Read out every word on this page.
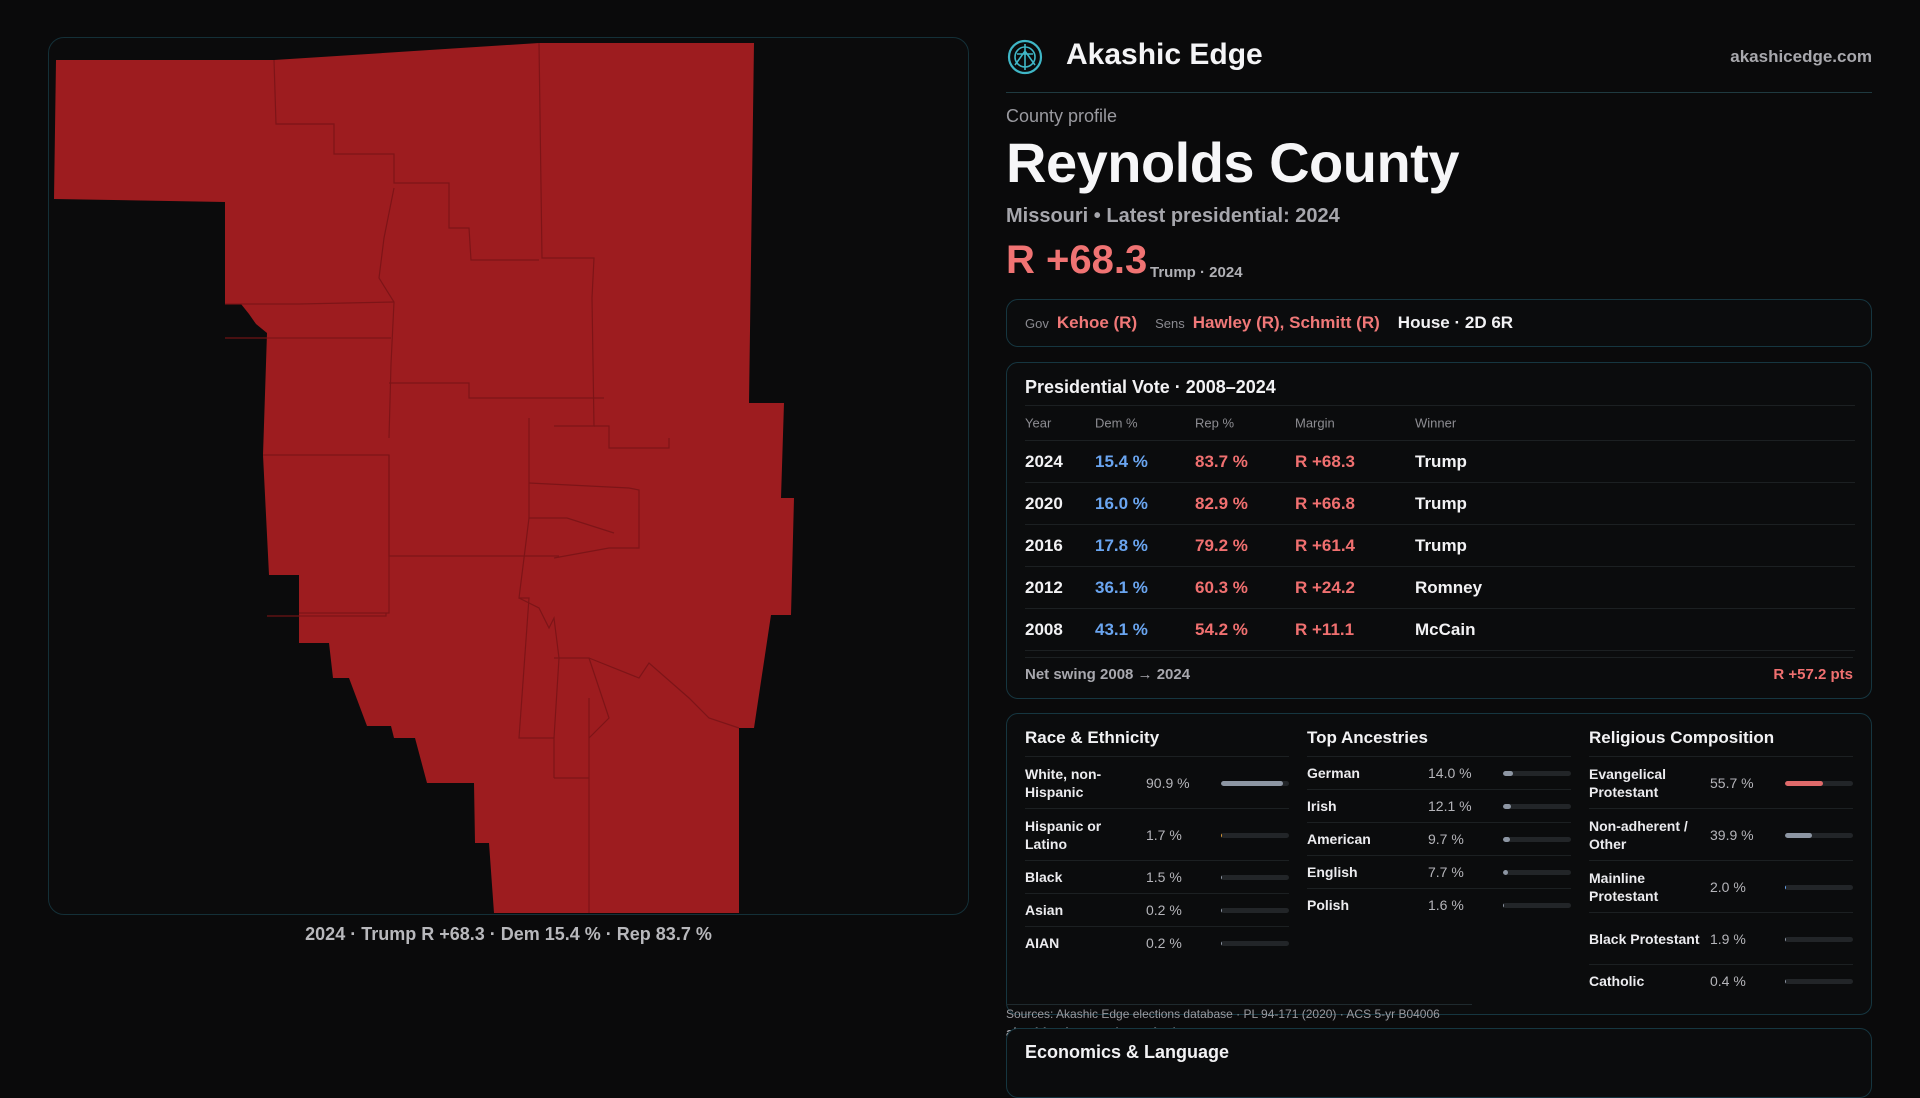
2024 · Trump R +68.3 · Dem 15.4 % · Rep 83.7 %
Akashic Edge	akashicedge.com
County profile
Reynolds County
Missouri • Latest presidential: 2024
R +68.3 Trump · 2024
Gov Kehoe (R) Sens Hawley (R), Schmitt (R) House · 2D 6R
Presidential Vote · 2008–2024
Year	Dem %	Rep %	Margin	Winner
2024 15.4 %	83.7 %	R +68.3	Trump
2020 16.0 %	82.9 %	R +66.8	Trump
2016 17.8 %	79.2 %	R +61.4	Trump
2012 36.1 %	60.3 %	R +24.2	Romney
2008 43.1 %	54.2 %	R +11.1	McCain
Net swing 2008 → 2024	R +57.2 pts
Race & Ethnicity
White, non-Hispanic
90.9 %
Hispanic or Latino
1.7 %
Black	1.5 %
Asian	0.2 %
AIAN	0.2 %
Top Ancestries
German	14.0 %
Irish	12.1 %
American	9.7 %
English	7.7 %
Polish	1.6 %
Religious Composition
Evangelical Protestant
55.7 %
Non-adherent / Other
39.9 %
Mainline Protestant
2.0 %
Black Protestant 1.9 %
Catholic	0.4 %
Sources: Akashic Edge elections database · PL 94-171 (2020) · ACS 5-yr B04006
Economics & Language
